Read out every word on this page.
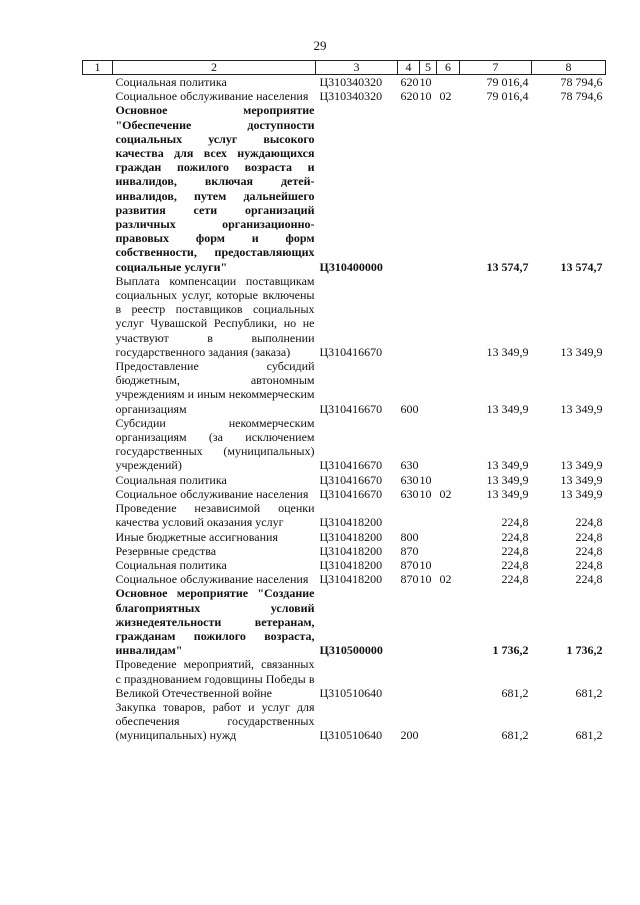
29
1	2	3	4	5	6	7	8
	Социальная политика	Ц310340320	620	10		79 016,4	78 794,6
	Социальное обслуживание населения	Ц310340320	620	10	02	79 016,4	78 794,6
	Основное мероприятие "Обеспечение доступности социальных услуг высокого качества для всех нуждающихся граждан пожилого возраста и инвалидов, включая детей-инвалидов, путем дальнейшего развития сети организаций различных организационно-правовых форм и форм собственности, предоставляющих социальные услуги"	Ц310400000				13 574,7	13 574,7
	Выплата компенсации поставщикам социальных услуг, которые включены в реестр поставщиков социальных услуг Чувашской Республики, но не участвуют в выполнении государственного задания (заказа)	Ц310416670				13 349,9	13 349,9
	Предоставление субсидий бюджетным, автономным учреждениям и иным некоммерческим организациям	Ц310416670	600			13 349,9	13 349,9
	Субсидии некоммерческим организациям (за исключением государственных (муниципальных) учреждений)	Ц310416670	630			13 349,9	13 349,9
	Социальная политика	Ц310416670	630	10		13 349,9	13 349,9
	Социальное обслуживание населения	Ц310416670	630	10	02	13 349,9	13 349,9
	Проведение независимой оценки качества условий оказания услуг	Ц310418200				224,8	224,8
	Иные бюджетные ассигнования	Ц310418200	800			224,8	224,8
	Резервные средства	Ц310418200	870			224,8	224,8
	Социальная политика	Ц310418200	870	10		224,8	224,8
	Социальное обслуживание населения	Ц310418200	870	10	02	224,8	224,8
	Основное мероприятие "Создание благоприятных условий жизнедеятельности ветеранам, гражданам пожилого возраста, инвалидам"	Ц310500000				1 736,2	1 736,2
	Проведение мероприятий, связанных с празднованием годовщины Победы в Великой Отечественной войне	Ц310510640				681,2	681,2
	Закупка товаров, работ и услуг для обеспечения государственных (муниципальных) нужд	Ц310510640	200			681,2	681,2
